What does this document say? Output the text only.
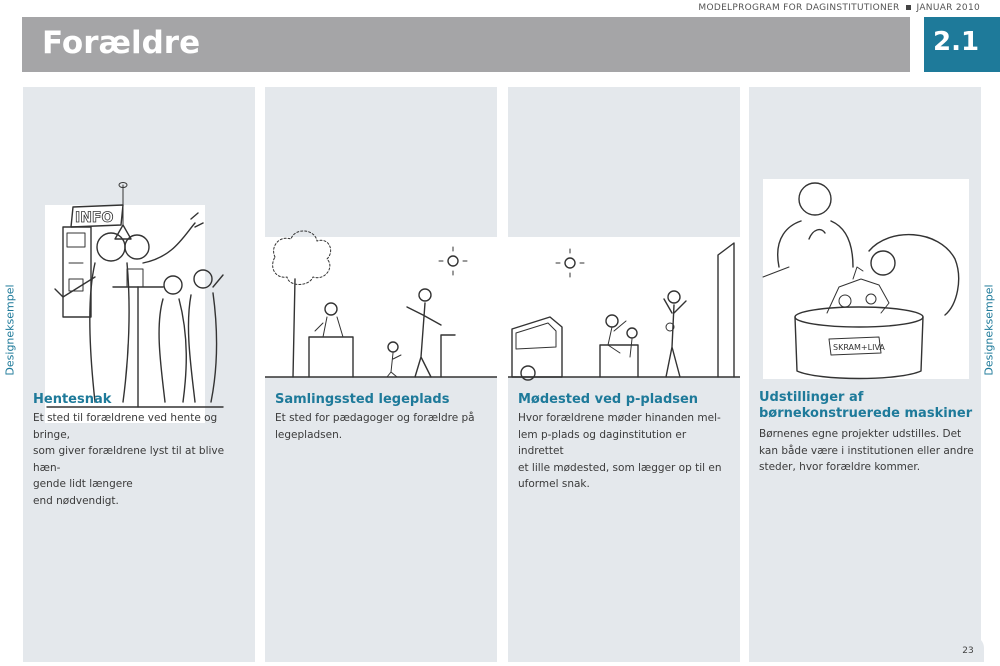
MODELPROGRAM FOR DAGINSTITUTIONER JANUAR 2010
Forældre	2.1
Designeksempel	Designeksempel
INFO
Hentesnak
Et sted til forældrene ved hente og bringe,
som giver forældrene lyst til at blive hæn-
gende lidt længere
end nødvendigt.
Samlingssted legeplads
Et sted for pædagoger og forældre på
legepladsen.
Mødested ved p-pladsen
Hvor forældrene møder hinanden mel-
lem p-plads og daginstitution er indrettet
et lille mødested, som lægger op til en
uformel snak.
SKRAM+LIVA
Udstillinger af
børnekonstruerede maskiner
Børnenes egne projekter udstilles. Det
kan både være i institutionen eller andre
steder, hvor forældre kommer.
23
